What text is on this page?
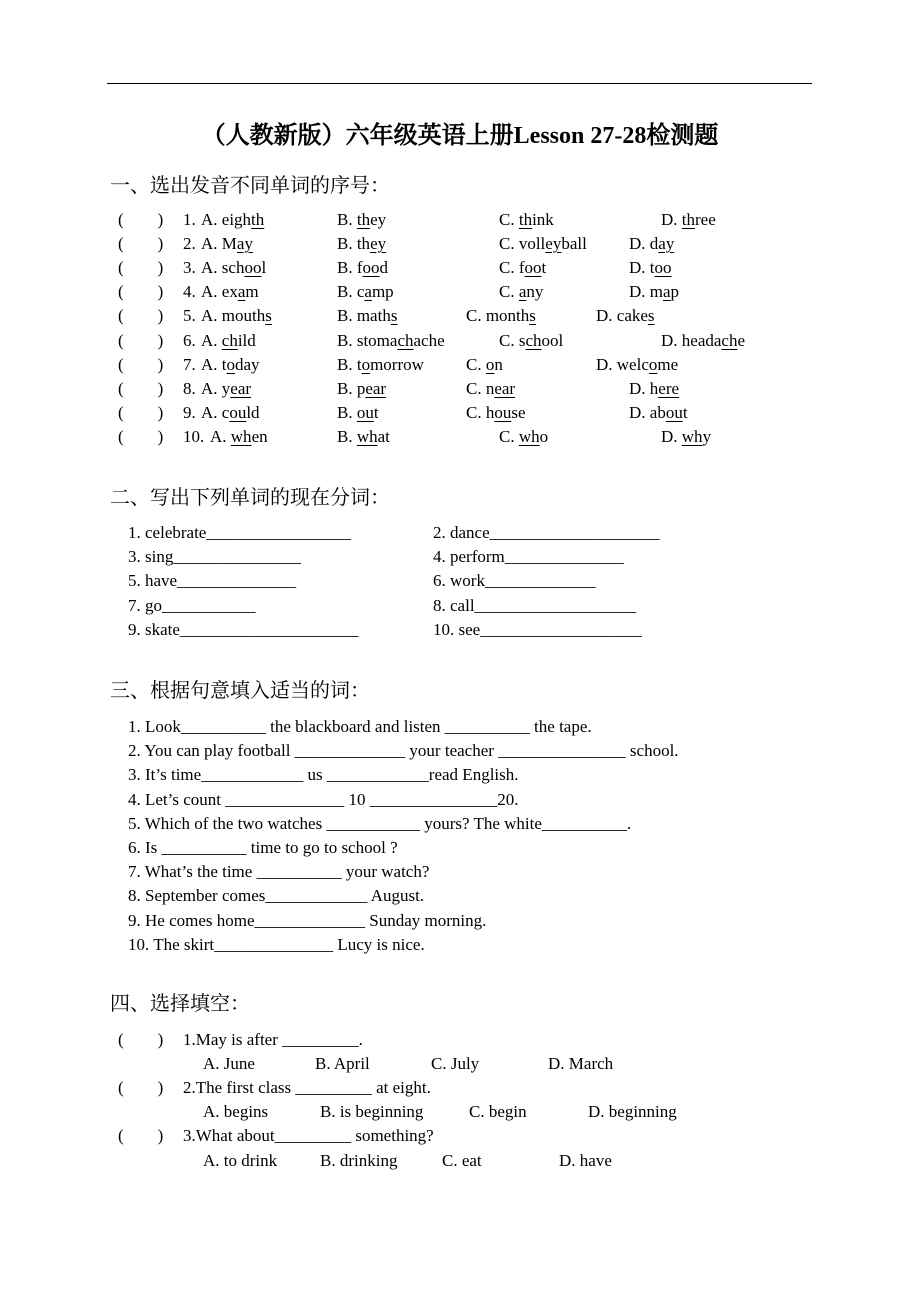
（人教新版）六年级英语上册Lesson 27-28检测题
一、选出发音不同单词的序号：
(        ) 1. A. eighth	B. they	C. think	D. three
(        ) 2. A. May	B. they	C. volleyball D. day
(        ) 3. A. school	B. food	C. foot	D. too
(        ) 4. A. exam	B. camp	C. any	D. map
(        ) 5. A. mouths	B. maths	C. months	D. cakes
(        ) 6. A. child	B. stomachache	C. school	D. headache
(        ) 7. A. today	B. tomorrow C. on	D. welcome
(        ) 8. A. year	B. pear	C. near	D. here
(        ) 9. A. could	B. out	C. house	D. about
(        ) 10. A. when	B. what	C. who	D. why
二、写出下列单词的现在分词：
1. celebrate_________________	2. dance____________________
3. sing_______________	4. perform______________
5. have______________	6. work_____________
7. go___________	8. call___________________
9. skate_____________________	10. see___________________
三、根据句意填入适当的词：
1. Look__________ the blackboard and listen __________ the tape.
2. You can play football _____________ your teacher _______________ school.
3. It’s time____________ us ____________read English.
4. Let’s count ______________ 10 _______________20.
5. Which of the two watches ___________ yours? The white__________.
6. Is __________ time to go to school ?
7. What’s the time __________ your watch?
8. September comes____________ August.
9. He comes home_____________ Sunday morning.
10. The skirt______________ Lucy is nice.
四、选择填空：
(        ) 1.May is after _________.
A. June	B. April	C. July	D. March
(        ) 2.The first class _________ at eight.
A. begins	B. is beginning	C. begin	D. beginning
(        ) 3.What about_________ something?
A. to drink	B. drinking	C. eat	D. have
